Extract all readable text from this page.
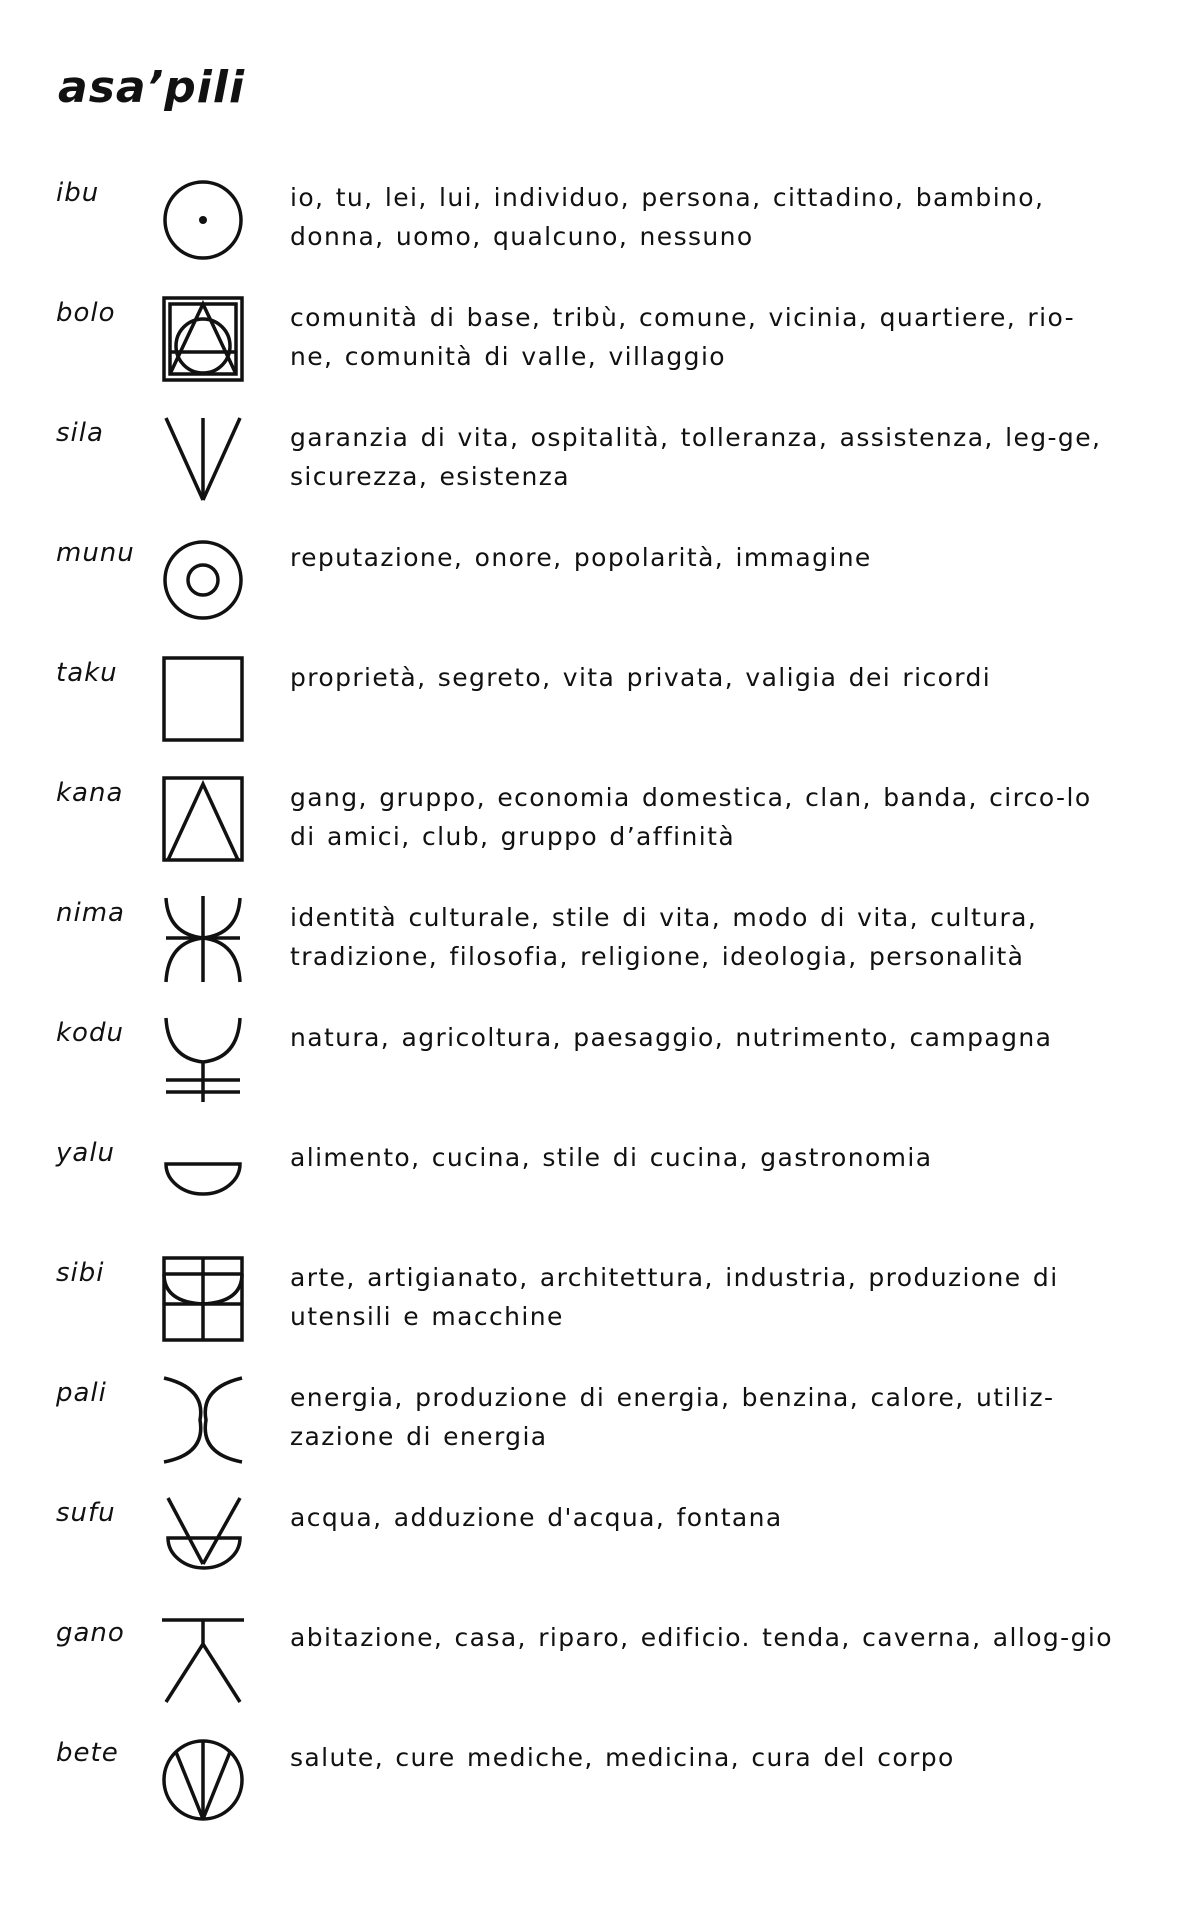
asa’pili
ibu	io, tu, lei, lui, individuo, persona, cittadino, bambino, donna, uomo, qualcuno, nessuno
bolo	comunità di base, tribù, comune, vicinia, quartiere, rio-ne, comunità di valle, villaggio
sila	garanzia di vita, ospitalità, tolleranza, assistenza, leg-ge, sicurezza, esistenza
munu	reputazione, onore, popolarità, immagine
taku	proprietà, segreto, vita privata, valigia dei ricordi
kana	gang, gruppo, economia domestica, clan, banda, circo-lo di amici, club, gruppo d’affinità
nima	identità culturale, stile di vita, modo di vita, cultura, tradizione, filosofia, religione, ideologia, personalità
kodu	natura, agricoltura, paesaggio, nutrimento, campagna
yalu	alimento, cucina, stile di cucina, gastronomia
sibi	arte, artigianato, architettura, industria, produzione di utensili e macchine
pali	energia, produzione di energia, benzina, calore, utiliz-zazione di energia
sufu	acqua, adduzione d'acqua, fontana
gano	abitazione, casa, riparo, edificio. tenda, caverna, allog-gio
bete	salute, cure mediche, medicina, cura del corpo
